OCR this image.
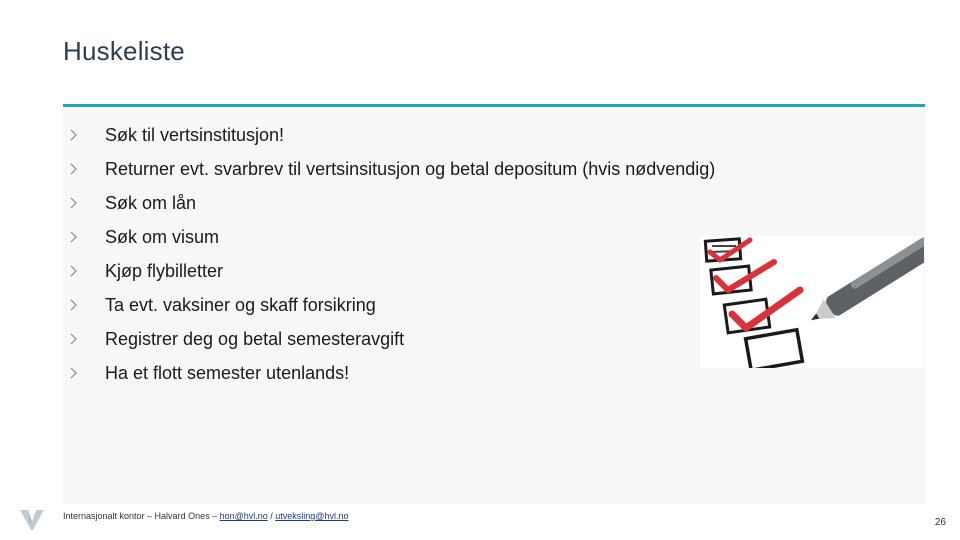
Huskeliste
Søk til vertsinstitusjon!
Returner evt. svarbrev til vertsinsitusjon og betal depositum (hvis nødvendig)
Søk om lån
Søk om visum
Kjøp flybilletter
Ta evt. vaksiner og skaff forsikring
Registrer deg og betal semesteravgift
Ha et flott semester utenlands!
Internasjonalt kontor – Halvard Ones – hon@hvl.no / utveksling@hvl.no
26
